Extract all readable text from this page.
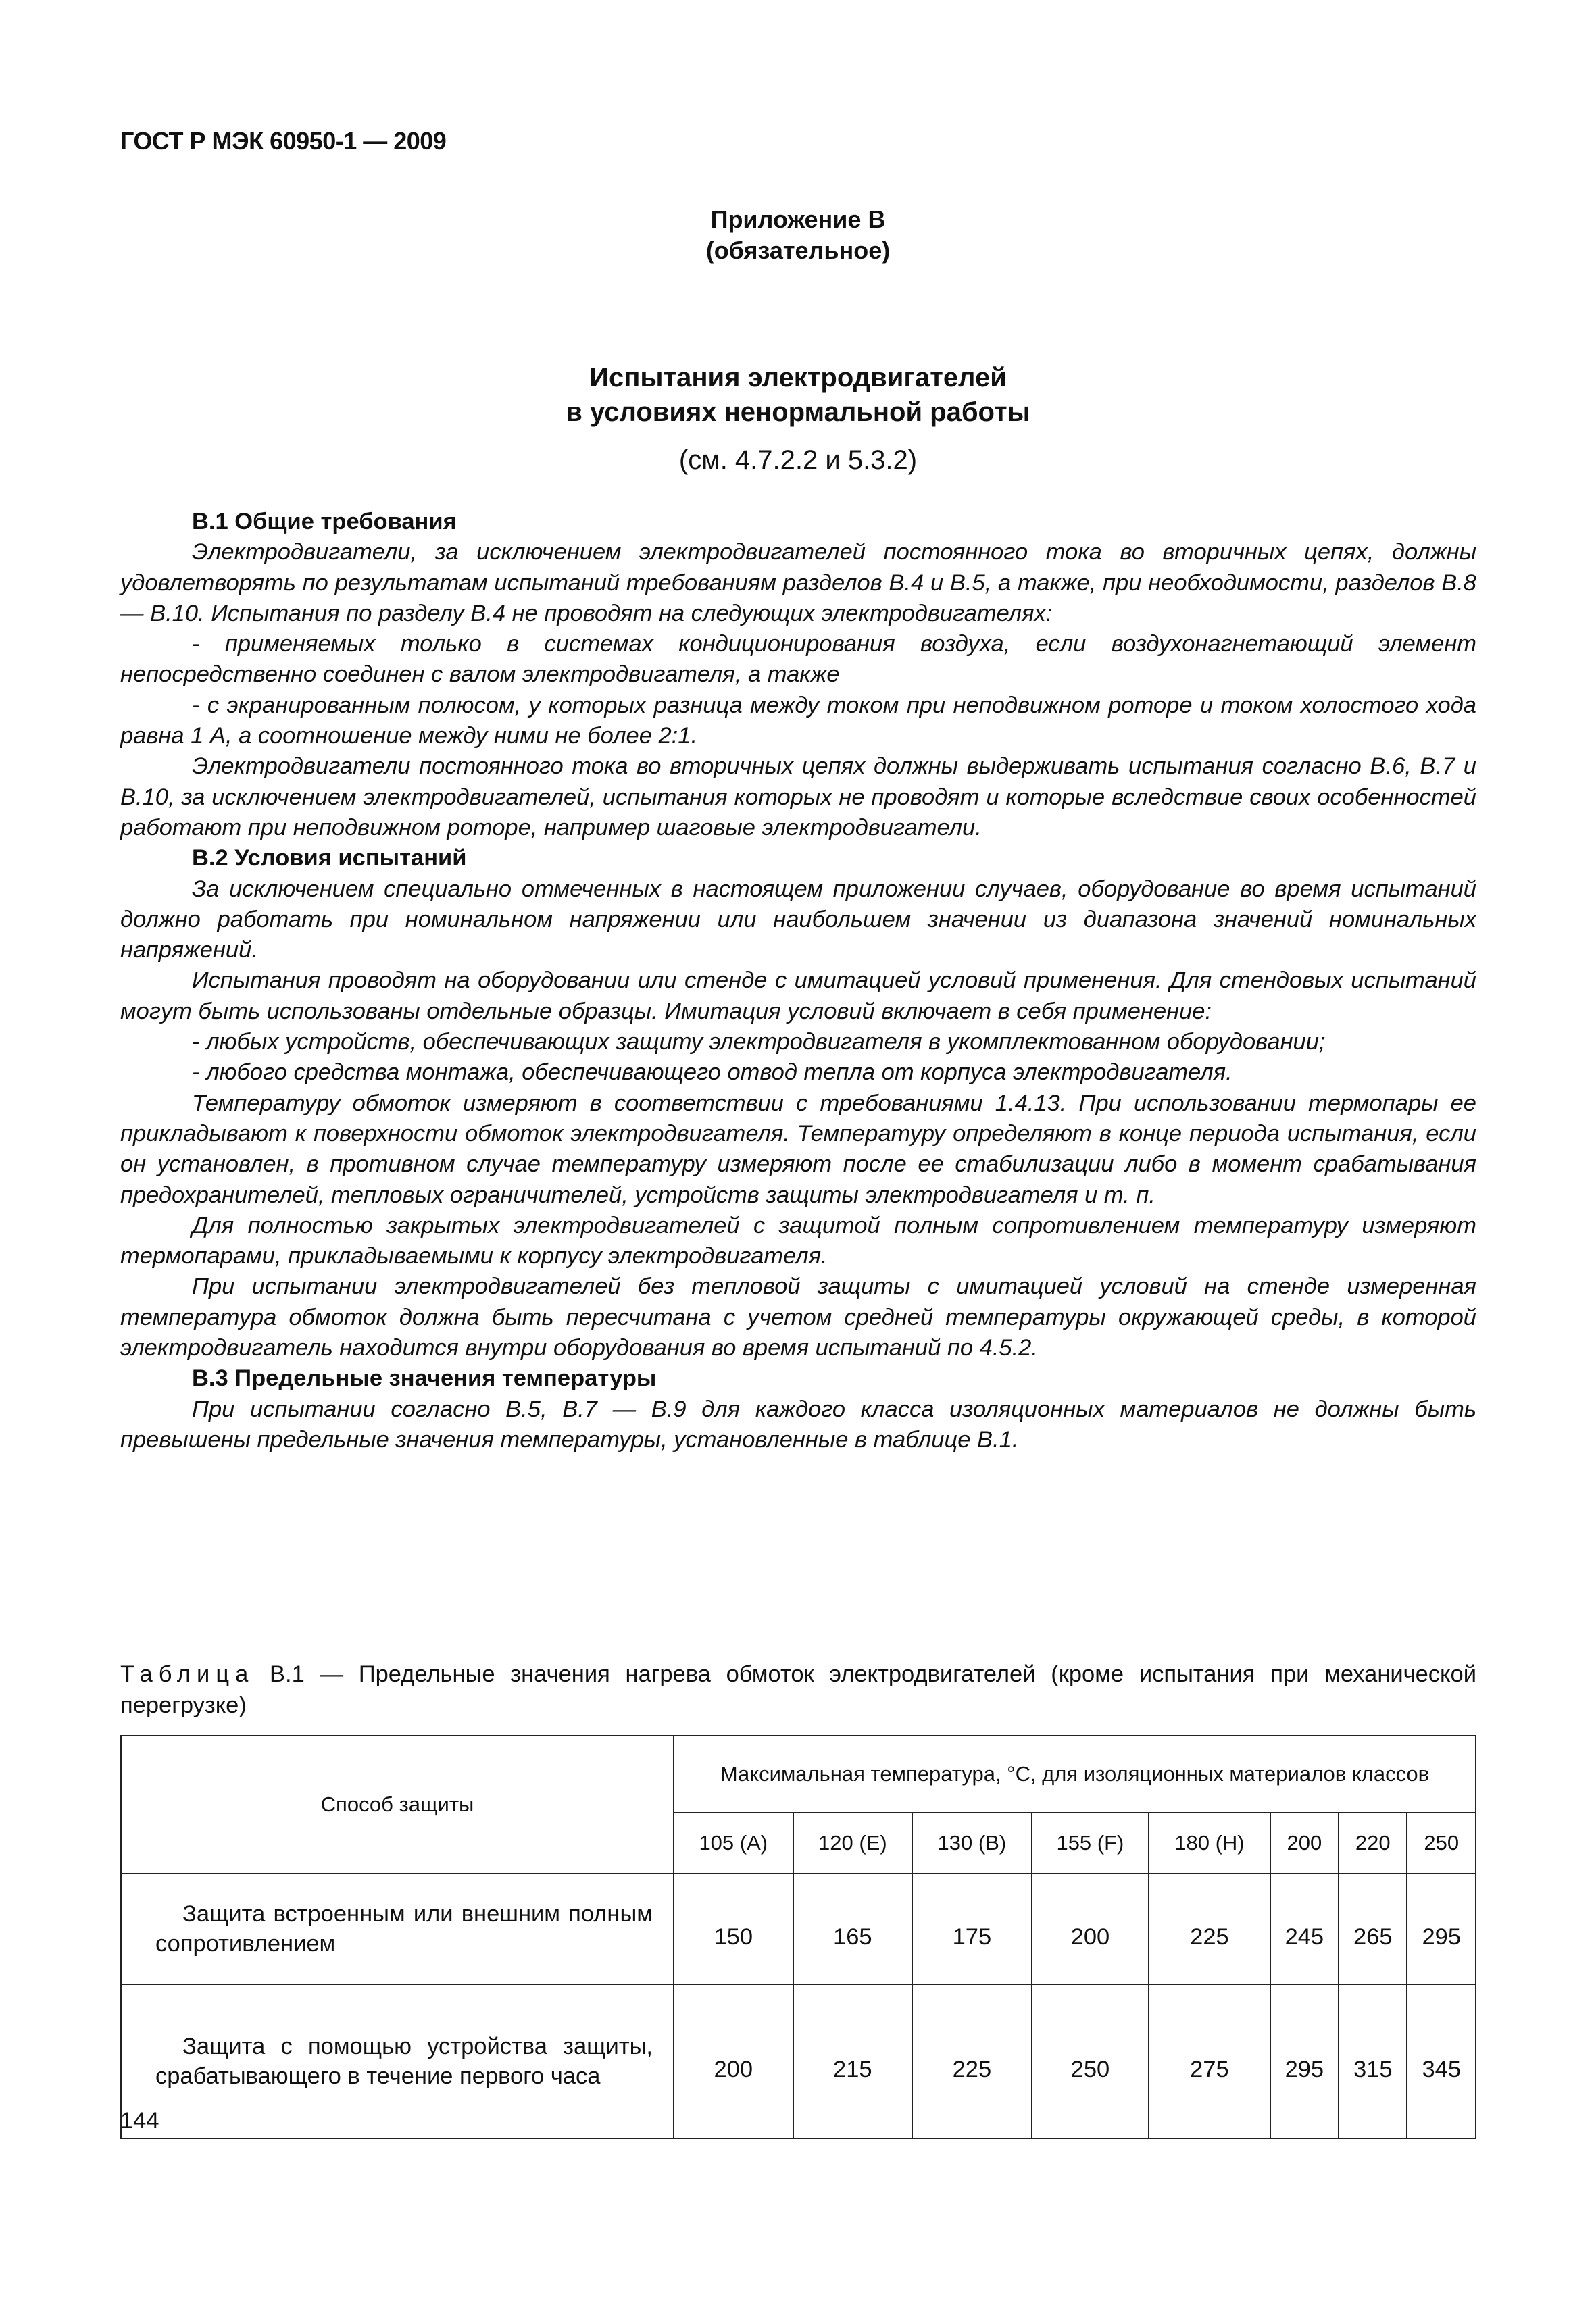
ГОСТ Р МЭК 60950-1 — 2009
Приложение В
(обязательное)
Испытания электродвигателей
в условиях ненормальной работы
(см. 4.7.2.2 и 5.3.2)
В.1 Общие требования

Электродвигатели, за исключением электродвигателей постоянного тока во вторичных цепях, должны удовлетворять по результатам испытаний требованиям разделов В.4 и В.5, а также, при необходимости, разделов В.8 — В.10. Испытания по разделу В.4 не проводят на следующих электродвигателях:

- применяемых только в системах кондиционирования воздуха, если воздухонагнетающий элемент непосредственно соединен с валом электродвигателя, а также

- с экранированным полюсом, у которых разница между током при неподвижном роторе и током холостого хода равна 1 А, а соотношение между ними не более 2:1.

Электродвигатели постоянного тока во вторичных цепях должны выдерживать испытания согласно В.6, В.7 и В.10, за исключением электродвигателей, испытания которых не проводят и которые вследствие своих особенностей работают при неподвижном роторе, например шаговые электродвигатели.

В.2 Условия испытаний

За исключением специально отмеченных в настоящем приложении случаев, оборудование во время испытаний должно работать при номинальном напряжении или наибольшем значении из диапазона значений номинальных напряжений.

Испытания проводят на оборудовании или стенде с имитацией условий применения. Для стендовых испытаний могут быть использованы отдельные образцы. Имитация условий включает в себя применение:

- любых устройств, обеспечивающих защиту электродвигателя в укомплектованном оборудовании;

- любого средства монтажа, обеспечивающего отвод тепла от корпуса электродвигателя.

Температуру обмоток измеряют в соответствии с требованиями 1.4.13. При использовании термопары ее прикладывают к поверхности обмоток электродвигателя. Температуру определяют в конце периода испытания, если он установлен, в противном случае температуру измеряют после ее стабилизации либо в момент срабатывания предохранителей, тепловых ограничителей, устройств защиты электродвигателя и т. п.

Для полностью закрытых электродвигателей с защитой полным сопротивлением температуру измеряют термопарами, прикладываемыми к корпусу электродвигателя.

При испытании электродвигателей без тепловой защиты с имитацией условий на стенде измеренная температура обмоток должна быть пересчитана с учетом средней температуры окружающей среды, в которой электродвигатель находится внутри оборудования во время испытаний по 4.5.2.

В.3 Предельные значения температуры

При испытании согласно В.5, В.7 — В.9 для каждого класса изоляционных материалов не должны быть превышены предельные значения температуры, установленные в таблице В.1.

Таблица В.1 — Предельные значения нагрева обмоток электродвигателей (кроме испытания при механической перегрузке)
Способ защиты	Максимальная температура, °С, для изоляционных материалов классов							
	105 (А)	120 (Е)	130 (В)	155 (F)	180 (Н)	200	220	250
Защита встроенным или внешним полным сопротивлением	150	165	175	200	225	245	265	295
Защита с помощью устройства защиты, срабатывающего в течение первого часа	200	215	225	250	275	295	315	345
144
